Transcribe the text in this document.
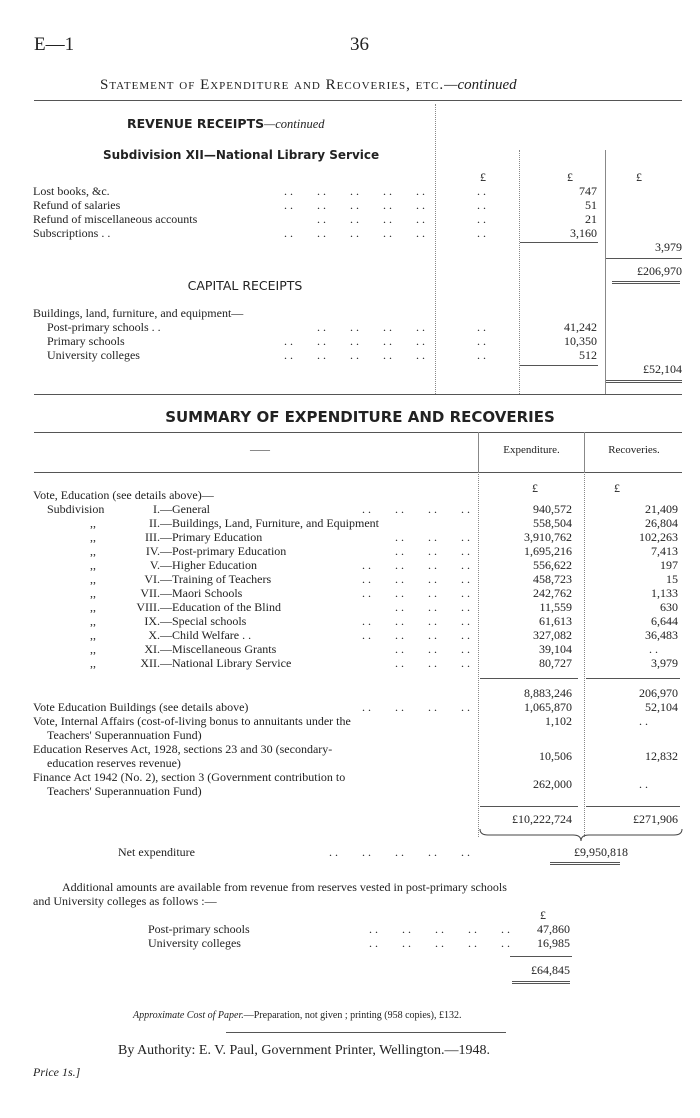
E—1	36
Statement of Expenditure and Recoveries, etc.—continued
REVENUE RECEIPTS—continued
Subdivision XII—National Library Service
£	£	£
Lost books, &c.	. .        . .        . .        . .        . .	. .	747
Refund of salaries	. .        . .        . .        . .        . .	. .	51
Refund of miscellaneous accounts	. .        . .        . .        . .	. .	21
Subscriptions . .	. .        . .        . .        . .        . .	. .	3,160
3,979
£206,970
CAPITAL RECEIPTS
Buildings, land, furniture, and equipment—
Post-primary schools . .	. .        . .        . .        . .	. .	41,242
Primary schools	. .        . .        . .        . .        . .	. .	10,350
University colleges	. .        . .        . .        . .        . .	. .	512
£52,104
SUMMARY OF EXPENDITURE AND RECOVERIES
——	Expenditure.	Recoveries.
Vote, Education (see details above)—	£
£
Subdivision	I. —General	. .        . .        . .        . .	940,572	21,409
,,	II. —Buildings, Land, Furniture, and Equipment	558,504	26,804
,,	III. —Primary Education	. .        . .        . .	3,910,762	102,263
,,	IV. —Post-primary Education	. .        . .        . .	1,695,216	7,413
,,	V. —Higher Education	. .        . .        . .        . .	556,622	197
,,	VI. —Training of Teachers	. .        . .        . .        . .	458,723	15
,,	VII. —Maori Schools	. .        . .        . .        . .	242,762	1,133
,,	VIII. —Education of the Blind	. .        . .        . .	11,559	630
,,	IX. —Special schools	. .        . .        . .        . .	61,613	6,644
,,	X. —Child Welfare . .	. .        . .        . .        . .	327,082	36,483
,,	XI. —Miscellaneous Grants	. .        . .        . .	39,104	. .
,,	XII. —National Library Service	. .        . .        . .	80,727	3,979
8,883,246	206,970
Vote Education Buildings (see details above)	. .        . .        . .        . .	1,065,870	52,104
Vote, Internal Affairs (cost-of-living bonus to annuitants under the
Teachers' Superannuation Fund)
1,102	. .
Education Reserves Act, 1928, sections 23 and 30 (secondary-
education reserves revenue)	10,506	12,832
Finance Act 1942 (No. 2), section 3 (Government contribution to
Teachers' Superannuation Fund)	262,000	. .
£10,222,724	£271,906
Net expenditure	. .        . .        . .        . .        . .	£9,950,818
Additional amounts are available from revenue from reserves vested in post-primary schools
and University colleges as follows :—
£
Post-primary schools	. .        . .        . .        . .        . .	47,860
University colleges	. .        . .        . .        . .        . .	16,985
£64,845
Approximate Cost of Paper.—Preparation, not given ; printing (958 copies), £132.
By Authority: E. V. Paul, Government Printer, Wellington.—1948.
Price 1s.]
